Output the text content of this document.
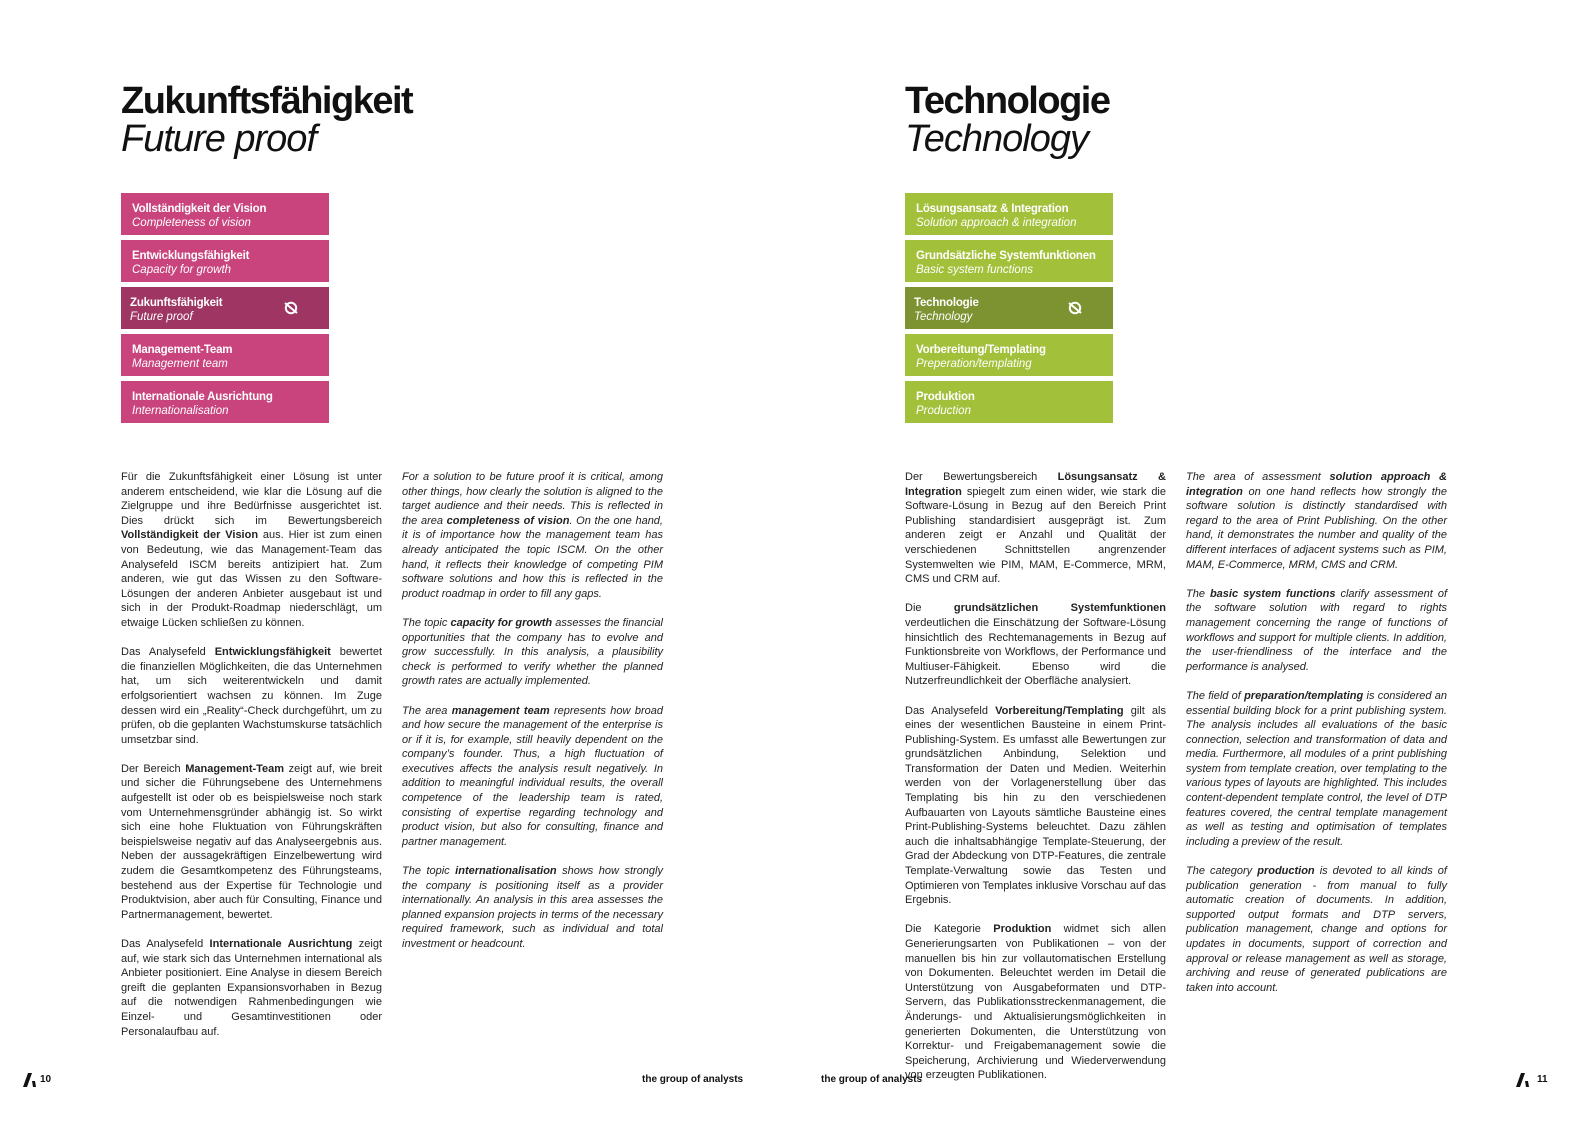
Zukunftsfähigkeit
Future proof
Vollständigkeit der Vision
Completeness of vision
Entwicklungsfähigkeit
Capacity for growth
Zukunftsfähigkeit
Future proof
Management-Team
Management team
Internationale Ausrichtung
Internationalisation

Für die Zukunftsfähigkeit einer Lösung ist unter anderem entscheidend, wie klar die Lösung auf die Zielgruppe und ihre Bedürfnisse ausgerichtet ist. Dies drückt sich im Bewertungsbereich Vollständigkeit der Vision aus. Hier ist zum einen von Bedeutung, wie das Management-Team das Analysefeld ISCM bereits antizipiert hat. Zum anderen, wie gut das Wissen zu den Software-Lösungen der anderen Anbieter ausgebaut ist und sich in der Produkt-Roadmap niederschlägt, um etwaige Lücken schließen zu können.

Das Analysefeld Entwicklungsfähigkeit bewertet die finanziellen Möglichkeiten, die das Unternehmen hat, um sich weiterentwickeln und damit erfolgsorientiert wachsen zu können. Im Zuge dessen wird ein „Reality“-Check durchgeführt, um zu prüfen, ob die geplanten Wachstumskurse tatsächlich umsetzbar sind.

Der Bereich Management-Team zeigt auf, wie breit und sicher die Führungsebene des Unternehmens aufgestellt ist oder ob es beispielsweise noch stark vom Unternehmensgründer abhängig ist. So wirkt sich eine hohe Fluktuation von Führungskräften beispielsweise negativ auf das Analyseergebnis aus. Neben der aussagekräftigen Einzelbewertung wird zudem die Gesamtkompetenz des Führungsteams, bestehend aus der Expertise für Technologie und Produktvision, aber auch für Consulting, Finance und Partnermanagement, bewertet.

Das Analysefeld Internationale Ausrichtung zeigt auf, wie stark sich das Unternehmen international als Anbieter positioniert. Eine Analyse in diesem Bereich greift die geplanten Expansionsvorhaben in Bezug auf die notwendigen Rahmenbedingungen wie Einzel- und Gesamtinvestitionen oder Personalaufbau auf.

For a solution to be future proof it is critical, among other things, how clearly the solution is aligned to the target audience and their needs. This is reflected in the area completeness of vision. On the one hand, it is of importance how the management team has already anticipated the topic ISCM. On the other hand, it reflects their knowledge of competing PIM software solutions and how this is reflected in the product roadmap in order to fill any gaps.

The topic capacity for growth assesses the financial opportunities that the company has to evolve and grow successfully. In this analysis, a plausibility check is performed to verify whether the planned growth rates are actually implemented.

The area management team represents how broad and how secure the management of the enterprise is or if it is, for example, still heavily dependent on the company’s founder. Thus, a high fluctuation of executives affects the analysis result negatively. In addition to meaningful individual results, the overall competence of the leadership team is rated, consisting of expertise regarding technology and product vision, but also for consulting, finance and partner management.

The topic internationalisation shows how strongly the company is positioning itself as a provider internationally. An analysis in this area assesses the planned expansion projects in terms of the necessary required framework, such as individual and total investment or headcount.

10	the group of analysts
Technologie
Technology
Lösungsansatz & Integration
Solution approach & integration
Grundsätzliche Systemfunktionen
Basic system functions
Technologie
Technology
Vorbereitung/Templating
Preperation/templating
Produktion
Production

Der Bewertungsbereich Lösungsansatz & Integration spiegelt zum einen wider, wie stark die Software-Lösung in Bezug auf den Bereich Print Publishing standardisiert ausgeprägt ist. Zum anderen zeigt er Anzahl und Qualität der verschiedenen Schnittstellen angrenzender Systemwelten wie PIM, MAM, E-Commerce, MRM, CMS und CRM auf.

Die grundsätzlichen Systemfunktionen verdeutlichen die Einschätzung der Software-Lösung hinsichtlich des Rechtemanagements in Bezug auf Funktionsbreite von Workflows, der Performance und Multiuser-Fähigkeit. Ebenso wird die Nutzerfreundlichkeit der Oberfläche analysiert.

Das Analysefeld Vorbereitung/Templating gilt als eines der wesentlichen Bausteine in einem Print-Publishing-System. Es umfasst alle Bewertungen zur grundsätzlichen Anbindung, Selektion und Transformation der Daten und Medien. Weiterhin werden von der Vorlagenerstellung über das Templating bis hin zu den verschiedenen Aufbauarten von Layouts sämtliche Bausteine eines Print-Publishing-Systems beleuchtet. Dazu zählen auch die inhaltsabhängige Template-Steuerung, der Grad der Abdeckung von DTP-Features, die zentrale Template-Verwaltung sowie das Testen und Optimieren von Templates inklusive Vorschau auf das Ergebnis.

Die Kategorie Produktion widmet sich allen Generierungsarten von Publikationen – von der manuellen bis hin zur vollautomatischen Erstellung von Dokumenten. Beleuchtet werden im Detail die Unterstützung von Ausgabeformaten und DTP-Servern, das Publikationsstreckenmanagement, die Änderungs- und Aktualisierungsmöglichkeiten in generierten Dokumenten, die Unterstützung von Korrektur- und Freigabemanagement sowie die Speicherung, Archivierung und Wiederverwendung von erzeugten Publikationen.

The area of assessment solution approach & integration on one hand reflects how strongly the software solution is distinctly standardised with regard to the area of Print Publishing. On the other hand, it demonstrates the number and quality of the different interfaces of adjacent systems such as PIM, MAM, E-Commerce, MRM, CMS and CRM.

The basic system functions clarify assessment of the software solution with regard to rights management concerning the range of functions of workflows and support for multiple clients. In addition, the user-friendliness of the interface and the performance is analysed.

The field of preparation/templating is considered an essential building block for a print publishing system. The analysis includes all evaluations of the basic connection, selection and transformation of data and media. Furthermore, all modules of a print publishing system from template creation, over templating to the various types of layouts are highlighted. This includes content-dependent template control, the level of DTP features covered, the central template management as well as testing and optimisation of templates including a preview of the result.

The category production is devoted to all kinds of publication generation - from manual to fully automatic creation of documents. In addition, supported output formats and DTP servers, publication management, change and options for updates in documents, support of correction and approval or release management as well as storage, archiving and reuse of generated publications are taken into account.

the group of analysts	11
